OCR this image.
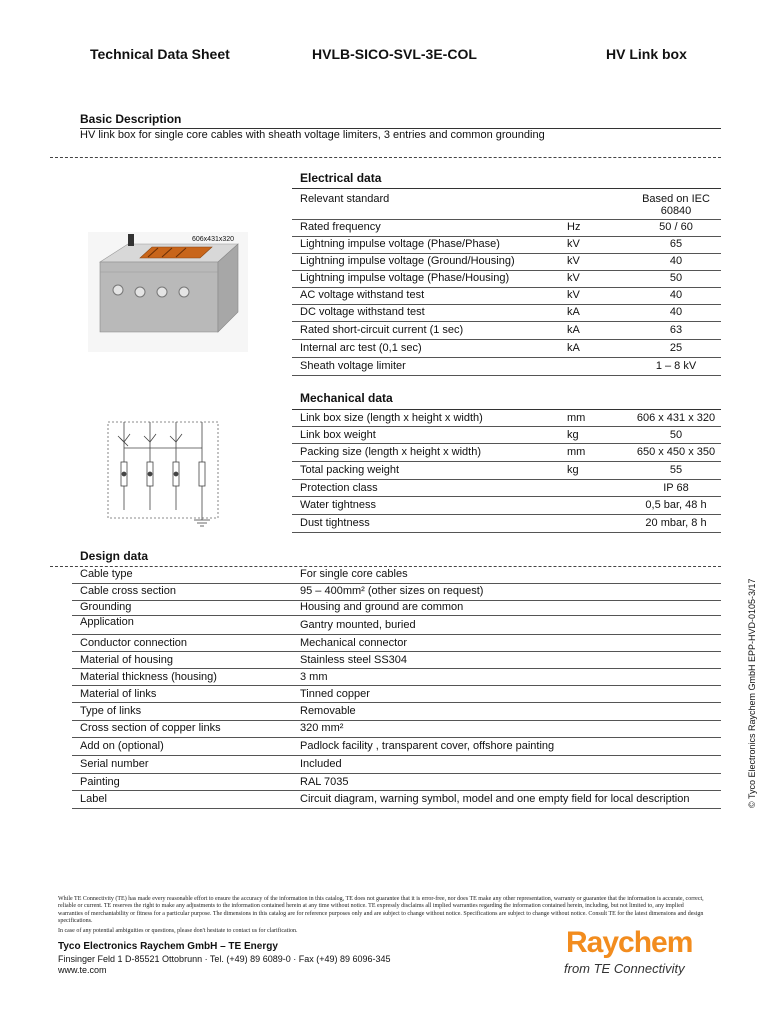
Technical Data Sheet	HVLB-SICO-SVL-3E-COL	HV Link box
Basic Description
HV link box for single core cables with sheath voltage limiters, 3 entries and common grounding
606x431x320
Electrical data
Relevant standard	Based on IEC
60840
Rated frequency	Hz	50 / 60
Lightning impulse voltage (Phase/Phase)	kV	65
Lightning impulse voltage (Ground/Housing)	kV	40
Lightning impulse voltage (Phase/Housing)	kV	50
AC voltage withstand test	kV	40
DC voltage withstand test	kA	40
Rated short-circuit current (1 sec)	kA	63
Internal arc test (0,1 sec)	kA	25
Sheath voltage limiter	1 – 8 kV
Mechanical data
Link box size (length x height x width)	mm	606 x 431 x 320
Link box weight	kg	50
Packing size (length x height x width)	mm	650 x 450 x 350
Total packing weight	kg	55
Protection class	IP 68
Water tightness	0,5 bar, 48 h
Dust tightness	20 mbar, 8 h
Design data
Cable type	For single core cables
Cable cross section	95 – 400mm² (other sizes on request)
Grounding	Housing and ground are common
Application	Gantry mounted, buried
Conductor connection	Mechanical connector
Material of housing	Stainless steel SS304
Material thickness (housing)	3 mm
Material of links	Tinned copper
Type of links	Removable
Cross section of copper links	320 mm²
Add on (optional)	Padlock facility , transparent cover, offshore painting
Serial number	Included
Painting	RAL 7035
Label	Circuit diagram, warning symbol, model and one empty field for local description	© Tyco Electronics Raychem GmbH EPP-HVD-0105-3/17
While TE Connectivity (TE) has made every reasonable effort to ensure the accuracy of the information in this catalog, TE does not guarantee that it is error-free, nor does TE make any other representation, warranty or guarantee that the information is accurate, correct, reliable or current. TE reserves the right to make any adjustments to the information contained herein at any time without notice. TE expressly disclaims all implied warranties regarding the information contained herein, including, but not limited to, any implied warranties of merchantability or fitness for a particular purpose. The dimensions in this catalog are for reference purposes only and are subject to change without notice. Specifications are subject to change without notice. Consult TE for the latest dimensions and design specifications.
In case of any potential ambiguities or questions, please don't hesitate to contact us for clarification.
Tyco Electronics Raychem GmbH – TE Energy
Finsinger Feld 1 D-85521 Ottobrunn · Tel. (+49) 89 6089-0 · Fax (+49) 89 6096-345
www.te.com
Raychem
from TE Connectivity
